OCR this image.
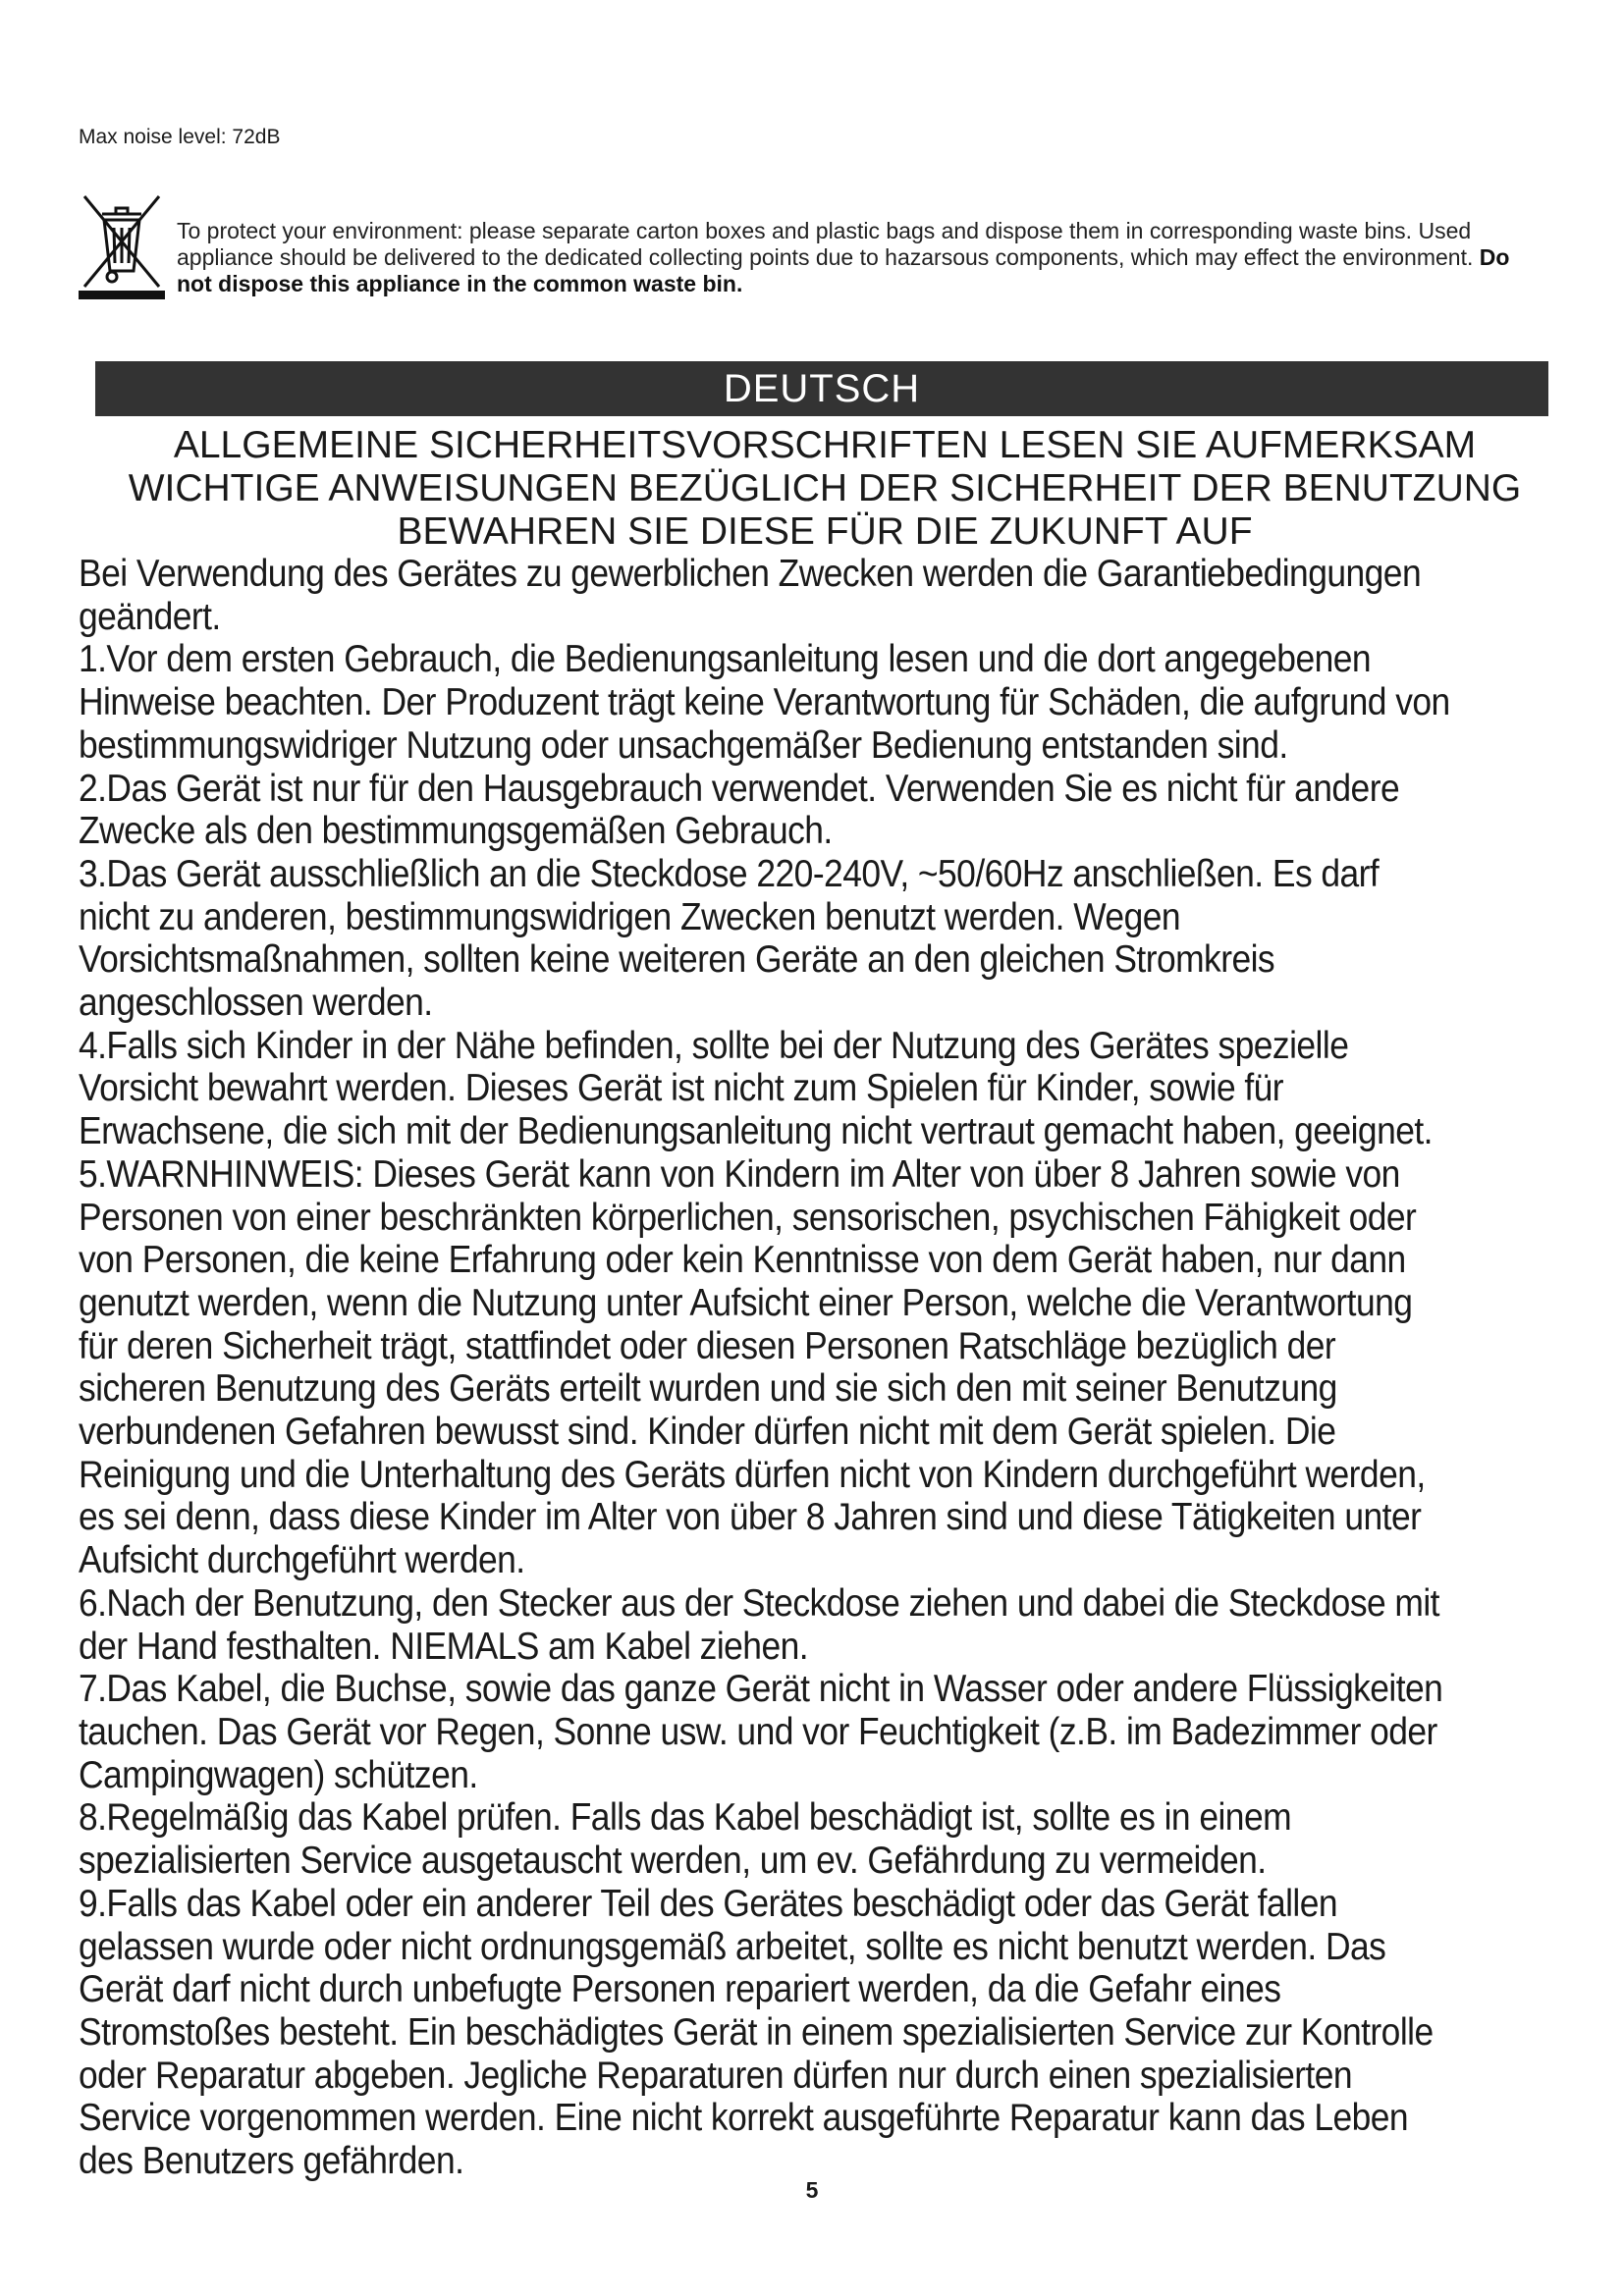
Max noise level: 72dB
To protect your environment: please separate carton boxes and plastic bags and dispose them in corresponding waste bins. Used appliance should be delivered to the dedicated collecting points due to hazarsous components, which may effect the environment. Do not dispose this appliance in the common waste bin.
DEUTSCH
ALLGEMEINE SICHERHEITSVORSCHRIFTEN LESEN SIE AUFMERKSAM WICHTIGE ANWEISUNGEN BEZÜGLICH DER SICHERHEIT DER BENUTZUNG BEWAHREN SIE DIESE FÜR DIE ZUKUNFT AUF

Bei Verwendung des Gerätes zu gewerblichen Zwecken werden die Garantiebedingungen geändert.

1.Vor dem ersten Gebrauch, die Bedienungsanleitung lesen und die dort angegebenen Hinweise beachten. Der Produzent trägt keine Verantwortung für Schäden, die aufgrund von bestimmungswidriger Nutzung oder unsachgemäßer Bedienung entstanden sind.

2.Das Gerät ist nur für den Hausgebrauch verwendet. Verwenden Sie es nicht für andere Zwecke als den bestimmungsgemäßen Gebrauch.

3.Das Gerät ausschließlich an die Steckdose 220-240V, ~50/60Hz anschließen. Es darf nicht zu anderen, bestimmungswidrigen Zwecken benutzt werden. Wegen Vorsichtsmaßnahmen, sollten keine weiteren Geräte an den gleichen Stromkreis angeschlossen werden.

4.Falls sich Kinder in der Nähe befinden, sollte bei der Nutzung des Gerätes spezielle Vorsicht bewahrt werden. Dieses Gerät ist nicht zum Spielen für Kinder, sowie für Erwachsene, die sich mit der Bedienungsanleitung nicht vertraut gemacht haben, geeignet.

5.WARNHINWEIS: Dieses Gerät kann von Kindern im Alter von über 8 Jahren sowie von Personen von einer beschränkten körperlichen, sensorischen, psychischen Fähigkeit oder von Personen, die keine Erfahrung oder kein Kenntnisse von dem Gerät haben, nur dann genutzt werden, wenn die Nutzung unter Aufsicht einer Person, welche die Verantwortung für deren Sicherheit trägt, stattfindet oder diesen Personen Ratschläge bezüglich der sicheren Benutzung des Geräts erteilt wurden und sie sich den mit seiner Benutzung verbundenen Gefahren bewusst sind. Kinder dürfen nicht mit dem Gerät spielen. Die Reinigung und die Unterhaltung des Geräts dürfen nicht von Kindern durchgeführt werden, es sei denn, dass diese Kinder im Alter von über 8 Jahren sind und diese Tätigkeiten unter Aufsicht durchgeführt werden.

6.Nach der Benutzung, den Stecker aus der Steckdose ziehen und dabei die Steckdose mit der Hand festhalten. NIEMALS am Kabel ziehen.

7.Das Kabel, die Buchse, sowie das ganze Gerät nicht in Wasser oder andere Flüssigkeiten tauchen. Das Gerät vor Regen, Sonne usw. und vor Feuchtigkeit (z.B. im Badezimmer oder Campingwagen) schützen.

8.Regelmäßig das Kabel prüfen. Falls das Kabel beschädigt ist, sollte es in einem spezialisierten Service ausgetauscht werden, um ev. Gefährdung zu vermeiden.

9.Falls das Kabel oder ein anderer Teil des Gerätes beschädigt oder das Gerät fallen gelassen wurde oder nicht ordnungsgemäß arbeitet, sollte es nicht benutzt werden. Das Gerät darf nicht durch unbefugte Personen repariert werden, da die Gefahr eines Stromstoßes besteht. Ein beschädigtes Gerät in einem spezialisierten Service zur Kontrolle oder Reparatur abgeben. Jegliche Reparaturen dürfen nur durch einen spezialisierten Service vorgenommen werden. Eine nicht korrekt ausgeführte Reparatur kann das Leben des Benutzers gefährden.

5
